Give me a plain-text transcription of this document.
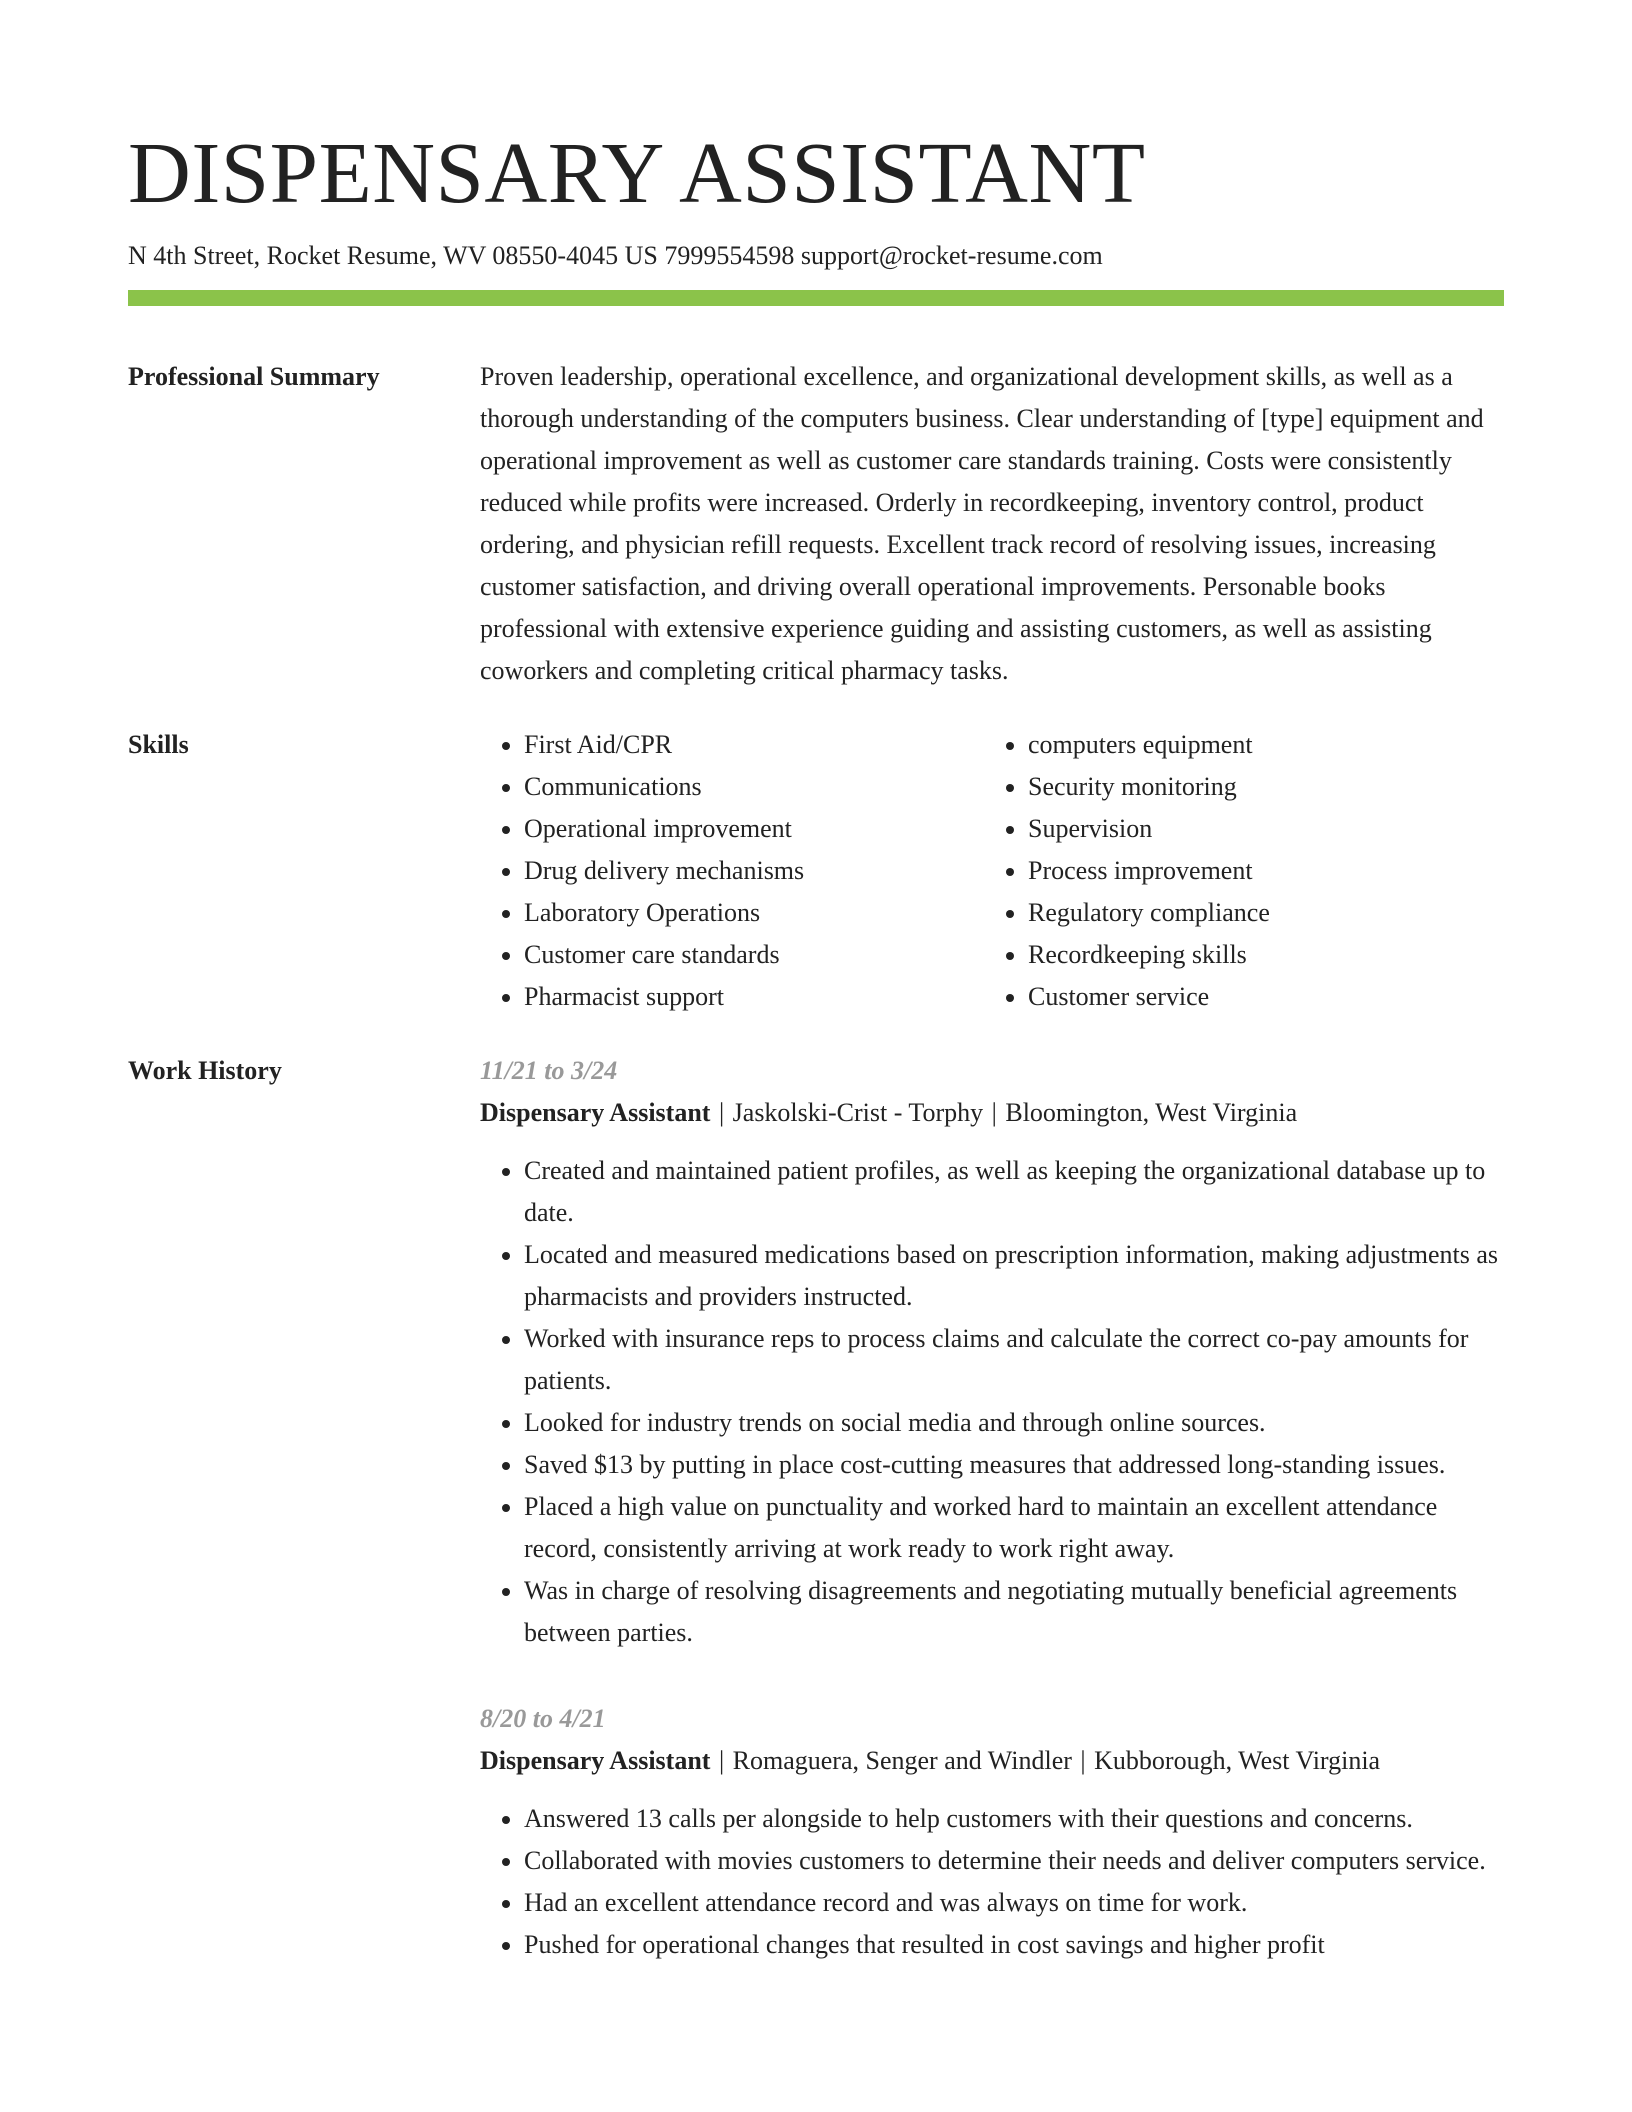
DISPENSARY ASSISTANT
N 4th Street, Rocket Resume, WV 08550-4045 US 7999554598 support@rocket-resume.com
Professional Summary	Proven leadership, operational excellence, and organizational development skills, as well as a thorough understanding of the computers business. Clear understanding of [type] equipment and operational improvement as well as customer care standards training. Costs were consistently reduced while profits were increased. Orderly in recordkeeping, inventory control, product ordering, and physician refill requests. Excellent track record of resolving issues, increasing customer satisfaction, and driving overall operational improvements. Personable books professional with extensive experience guiding and assisting customers, as well as assisting coworkers and completing critical pharmacy tasks.

Skills
•	First Aid/CPR
• Communications
• Operational improvement
• Drug delivery mechanisms
• Laboratory Operations
• Customer care standards
• Pharmacist support
• computers equipment
• Security monitoring
• Supervision
• Process improvement
• Regulatory compliance
• Recordkeeping skills
• Customer service
Work History	11/21 to 3/24
Dispensary Assistant | Jaskolski-Crist - Torphy | Bloomington, West Virginia
• Created and maintained patient profiles, as well as keeping the organizational database up to date.
• Located and measured medications based on prescription information, making adjustments as pharmacists and providers instructed.
• Worked with insurance reps to process claims and calculate the correct co-pay amounts for patients.
• Looked for industry trends on social media and through online sources.
• Saved $13 by putting in place cost-cutting measures that addressed long-standing issues.
• Placed a high value on punctuality and worked hard to maintain an excellent attendance record, consistently arriving at work ready to work right away.
• Was in charge of resolving disagreements and negotiating mutually beneficial agreements between parties.
8/20 to 4/21
Dispensary Assistant | Romaguera, Senger and Windler | Kubborough, West Virginia
• Answered 13 calls per alongside to help customers with their questions and concerns.
• Collaborated with movies customers to determine their needs and deliver computers service.
• Had an excellent attendance record and was always on time for work.
• Pushed for operational changes that resulted in cost savings and higher profit
